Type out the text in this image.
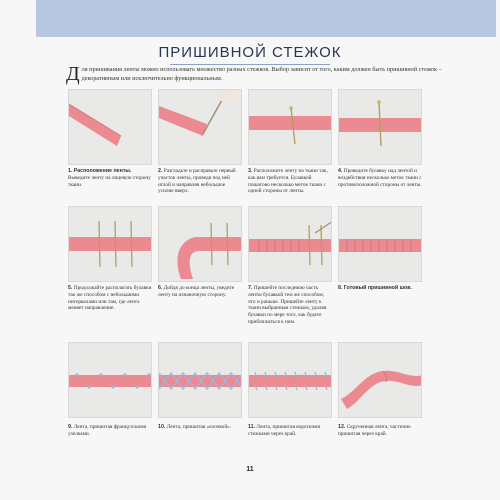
ПРИШИВНОЙ СТЕЖОК
Д ля пришивания ленты можно использовать множество разных стежков. Выбор зависит от того, каким должен быть пришивной стежок – декоративным или исключительно функциональным.
1. Расположение ленты. Выведите ленту на лицевую сторону ткани.
2. Разгладьте и расправьте первый участок ленты, проведя под ней иглой и направляя небольшое усилие вверх.
3. Расположите ленту на ткани так, как вам требуется. Булавкой пошагово несколько меток ткани с одной стороны от ленты.
4. Проведите булавку над лентой и воздействия несколько меток ткани с противоположной стороны от ленты.
5. Продолжайте располагать булавки так же способом с небольшими интервалами или там, где лента меняет направление.
6. Дойдя до конца ленты, уведите ленту на изнаночную сторону.
7. Пришейте последнюю часть ленты булавкой тем же способом, что и раньше. Пришейте ленту к ткани выбранным стежком, удаляя булавки по мере того, как будете приближаться к ним.
8. Готовый пришивной шов.
9. Лента, пришитая французскими узелками.
10. Лента, пришитая «елочкой».	11. Лента, пришитая короткими стежками через край.
12. Скрученная лента, частично пришитая через край.
11
